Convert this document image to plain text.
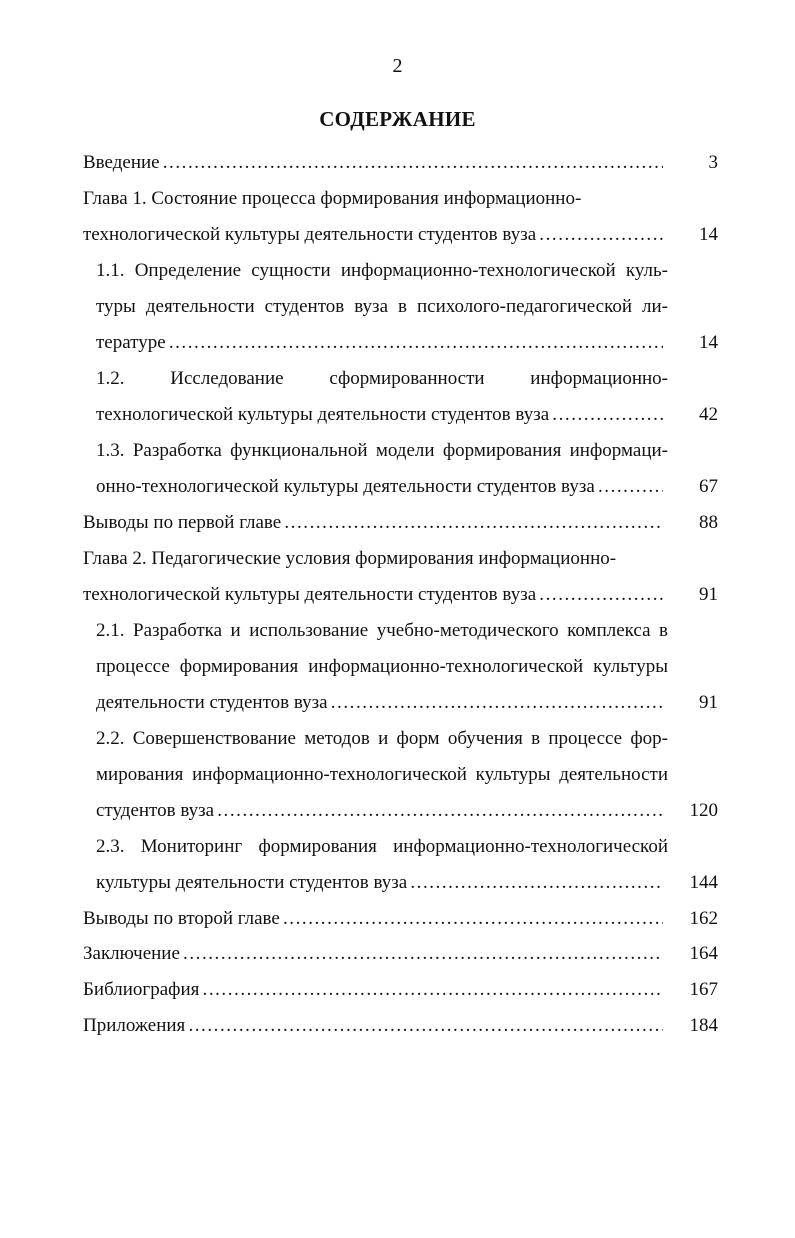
2
СОДЕРЖАНИЕ
Введение . . .	3
Глава 1. Состояние процесса формирования информационно-
технологической культуры деятельности студентов вуза . . .	14
1.1. Определение сущности информационно-технологической куль-
туры деятельности студентов вуза в психолого-педагогической ли-
тературе . . .	14
1.2. Исследование сформированности информационно-
технологической культуры деятельности студентов вуза . . .	42
1.3. Разработка функциональной модели формирования информаци-
онно-технологической культуры деятельности студентов вуза . . .	67
Выводы по первой главе . . .	88
Глава 2. Педагогические условия формирования информационно-
технологической культуры деятельности студентов вуза . . .	91
2.1. Разработка и использование учебно-методического комплекса в
процессе формирования информационно-технологической культуры
деятельности студентов вуза . . .	91
2.2. Совершенствование методов и форм обучения в процессе фор-
мирования информационно-технологической культуры деятельности
студентов вуза . . .	120
2.3. Мониторинг формирования информационно-технологической
культуры деятельности студентов вуза . . .	144
Выводы по второй главе . . .	162
Заключение . . .	164
Библиография . . .	167
Приложения . . .	184
